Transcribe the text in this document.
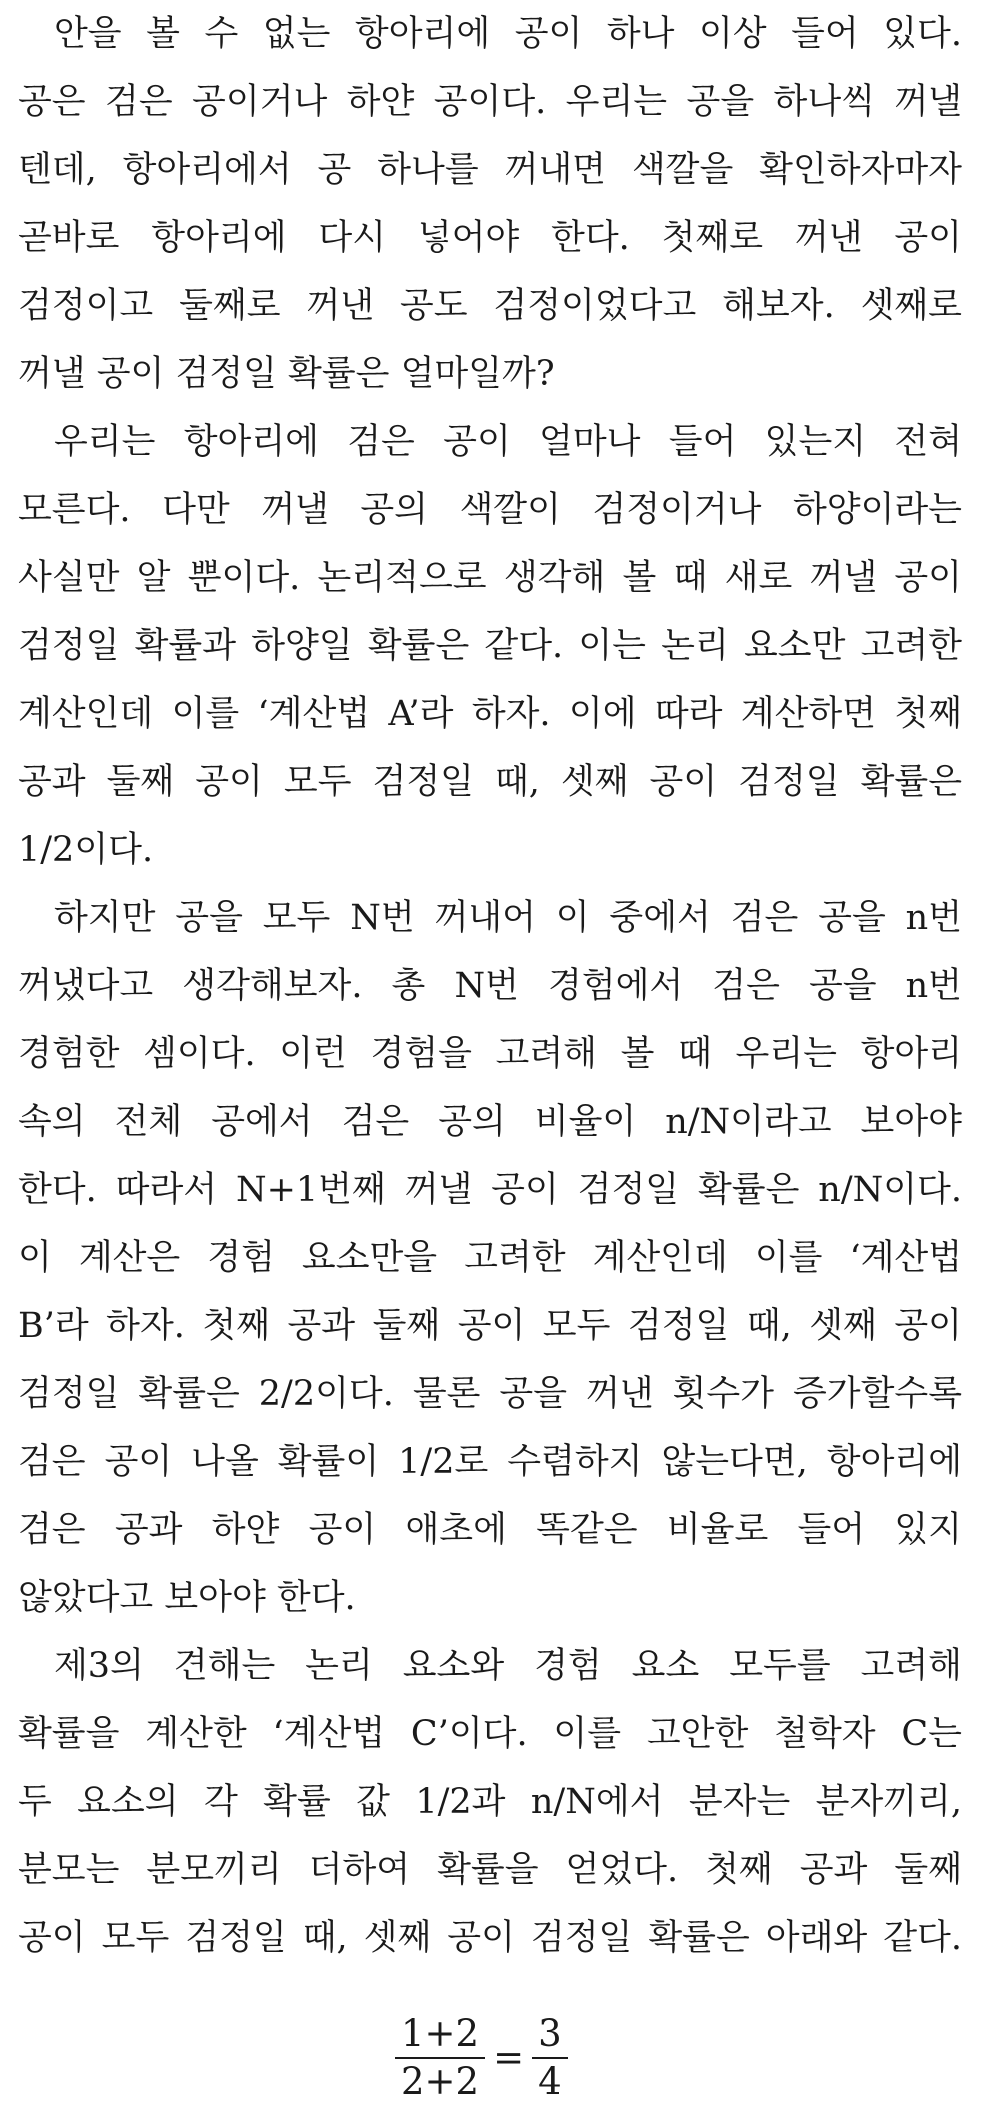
안을 볼 수 없는 항아리에 공이 하나 이상 들어 있다.
공은 검은 공이거나 하얀 공이다. 우리는 공을 하나씩 꺼낼
텐데, 항아리에서 공 하나를 꺼내면 색깔을 확인하자마자
곧바로 항아리에 다시 넣어야 한다. 첫째로 꺼낸 공이
검정이고 둘째로 꺼낸 공도 검정이었다고 해보자. 셋째로
꺼낼 공이 검정일 확률은 얼마일까?
우리는 항아리에 검은 공이 얼마나 들어 있는지 전혀
모른다. 다만 꺼낼 공의 색깔이 검정이거나 하양이라는
사실만 알 뿐이다. 논리적으로 생각해 볼 때 새로 꺼낼 공이
검정일 확률과 하양일 확률은 같다. 이는 논리 요소만 고려한
계산인데 이를 ‘계산법 A’라 하자. 이에 따라 계산하면 첫째
공과 둘째 공이 모두 검정일 때, 셋째 공이 검정일 확률은
1/2이다.
하지만 공을 모두 N번 꺼내어 이 중에서 검은 공을 n번
꺼냈다고 생각해보자. 총 N번 경험에서 검은 공을 n번
경험한 셈이다. 이런 경험을 고려해 볼 때 우리는 항아리
속의 전체 공에서 검은 공의 비율이 n/N이라고 보아야
한다. 따라서 N+1번째 꺼낼 공이 검정일 확률은 n/N이다.
이 계산은 경험 요소만을 고려한 계산인데 이를 ‘계산법
B’라 하자. 첫째 공과 둘째 공이 모두 검정일 때, 셋째 공이
검정일 확률은 2/2이다. 물론 공을 꺼낸 횟수가 증가할수록
검은 공이 나올 확률이 1/2로 수렴하지 않는다면, 항아리에
검은 공과 하얀 공이 애초에 똑같은 비율로 들어 있지
않았다고 보아야 한다.
제3의 견해는 논리 요소와 경험 요소 모두를 고려해
확률을 계산한 ‘계산법 C’이다. 이를 고안한 철학자 C는
두 요소의 각 확률 값 1/2과 n/N에서 분자는 분자끼리,
분모는 분모끼리 더하여 확률을 얻었다. 첫째 공과 둘째
공이 모두 검정일 때, 셋째 공이 검정일 확률은 아래와 같다.
$\frac{1+2}{2+2} = \frac{3}{4}$
